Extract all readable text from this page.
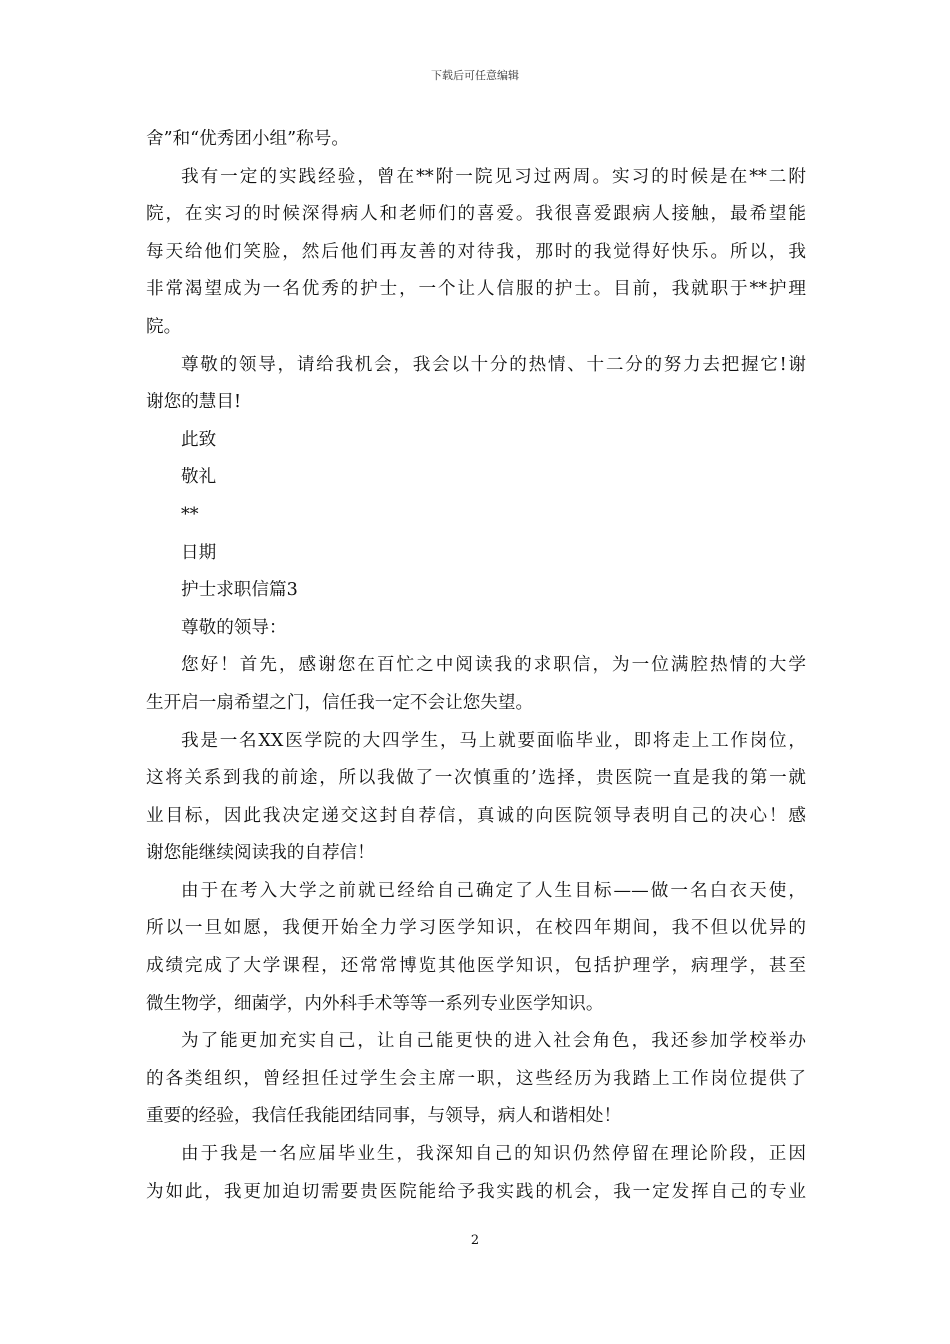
下载后可任意编辑
舍”和“优秀团小组”称号。
我有一定的实践经验，曾在**附一院见习过两周。实习的时候是在**二附
院，在实习的时候深得病人和老师们的喜爱。我很喜爱跟病人接触，最希望能
每天给他们笑脸，然后他们再友善的对待我，那时的我觉得好快乐。所以，我
非常渴望成为一名优秀的护士，一个让人信服的护士。目前，我就职于**护理
院。
尊敬的领导，请给我机会，我会以十分的热情、十二分的努力去把握它!谢
谢您的慧目!
此致
敬礼
**
日期
护士求职信篇3
尊敬的领导：
您好！首先，感谢您在百忙之中阅读我的求职信，为一位满腔热情的大学
生开启一扇希望之门，信任我一定不会让您失望。
我是一名XX医学院的大四学生，马上就要面临毕业，即将走上工作岗位，
这将关系到我的前途，所以我做了一次慎重的’选择，贵医院一直是我的第一就
业目标，因此我决定递交这封自荐信，真诚的向医院领导表明自己的决心！感
谢您能继续阅读我的自荐信！
由于在考入大学之前就已经给自己确定了人生目标——做一名白衣天使，
所以一旦如愿，我便开始全力学习医学知识，在校四年期间，我不但以优异的
成绩完成了大学课程，还常常博览其他医学知识，包括护理学，病理学，甚至
微生物学，细菌学，内外科手术等等一系列专业医学知识。
为了能更加充实自己，让自己能更快的进入社会角色，我还参加学校举办
的各类组织，曾经担任过学生会主席一职，这些经历为我踏上工作岗位提供了
重要的经验，我信任我能团结同事，与领导，病人和谐相处！
由于我是一名应届毕业生，我深知自己的知识仍然停留在理论阶段，正因
为如此，我更加迫切需要贵医院能给予我实践的机会，我一定发挥自己的专业
2
